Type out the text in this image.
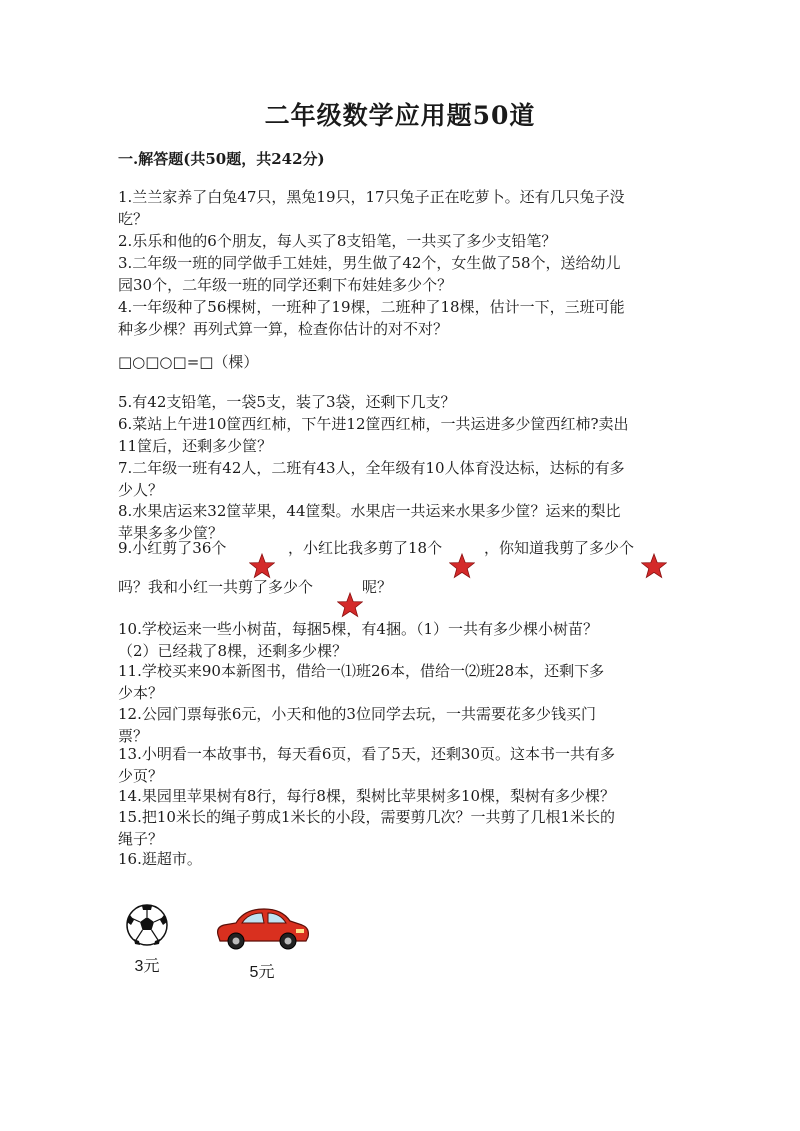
二年级数学应用题50道
一.解答题(共50题，共242分)
1.兰兰家养了白兔47只，黑兔19只，17只兔子正在吃萝卜。还有几只兔子没
吃？
2.乐乐和他的6个朋友，每人买了8支铅笔，一共买了多少支铅笔？
3.二年级一班的同学做手工娃娃，男生做了42个，女生做了58个，送给幼儿
园30个，二年级一班的同学还剩下布娃娃多少个？
4.一年级种了56棵树，一班种了19棵，二班种了18棵，估计一下，三班可能
种多少棵？再列式算一算，检查你估计的对不对？
□○□○□=□（棵）
5.有42支铅笔，一袋5支，装了3袋，还剩下几支？
6.菜站上午进10筐西红柿，下午进12筐西红柿，一共运进多少筐西红柿?卖出
11筐后，还剩多少筐？
7.二年级一班有42人，二班有43人，全年级有10人体育没达标，达标的有多
少人？
8.水果店运来32筐苹果，44筐梨。水果店一共运来水果多少筐？运来的梨比
苹果多多少筐？
9.小红剪了36个	，小红比我多剪了18个	，你知道我剪了多少个
吗？我和小红一共剪了多少个	呢？
10.学校运来一些小树苗，每捆5棵，有4捆。（1）一共有多少棵小树苗？
（2）已经栽了8棵，还剩多少棵？
11.学校买来90本新图书，借给一⑴班26本，借给一⑵班28本，还剩下多
少本？
12.公园门票每张6元，小天和他的3位同学去玩，一共需要花多少钱买门
票？
13.小明看一本故事书，每天看6页，看了5天，还剩30页。这本书一共有多
少页？
14.果园里苹果树有8行，每行8棵，梨树比苹果树多10棵，梨树有多少棵？
15.把10米长的绳子剪成1米长的小段，需要剪几次？一共剪了几根1米长的
绳子？
16.逛超市。
3元	5元
